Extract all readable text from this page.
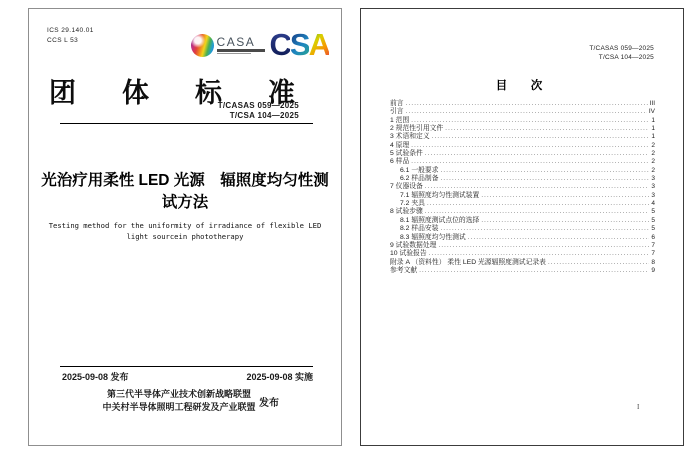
ICS 29.140.01
CCS L 53	CASA C S A
团 体 标 准
T/CASAS 059—2025
T/CSA 104—2025
光治疗用柔性 LED 光源　辐照度均匀性测
试方法
Testing method for the uniformity of irradiance of flexible LED
light sourcein phototherapy
2025-09-08 发布	2025-09-08 实施
第三代半导体产业技术创新战略联盟
中关村半导体照明工程研发及产业联盟 发布
T/CASAS 059—2025
T/CSA 104—2025
目　次
前言 .....	III
引言 .....	IV
1 范围 .....	1
2 规范性引用文件 .....	1
3 术语和定义 .....	1
4 原理 .....	2
5 试验条件 .....	2
6 样品 .....	2
6.1 一般要求 .....	2
6.2 样品制备 .....	3
7 仪器设备 .....	3
7.1 辐照度均匀性测试装置 .....	3
7.2 夹具 .....	4
8 试验步骤 .....	5
8.1 辐照度测试点位的选择 .....	5
8.2 样品安装 .....	5
8.3 辐照度均匀性测试 .....	6
9 试验数据处理 .....	7
10 试验报告 .....	7
附录 A （资料性） 柔性 LED 光源辐照度测试记录表 .....	8
参考文献 .....	9
I
